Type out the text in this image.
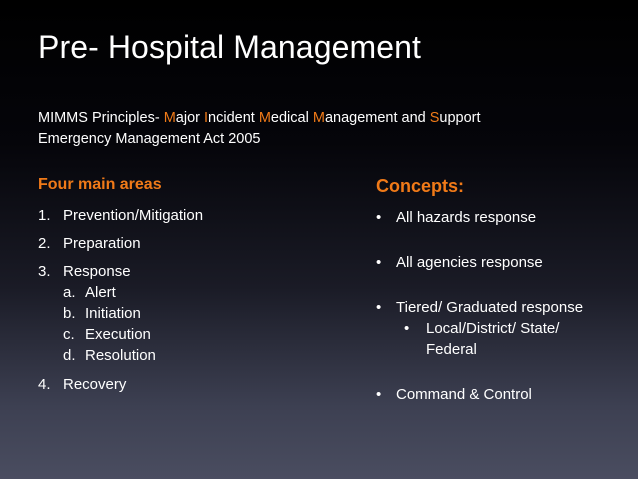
Pre- Hospital Management
MIMMS Principles- Major Incident Medical Management and Support
Emergency Management Act 2005
Four main areas
1. Prevention/Mitigation
2. Preparation
3. Response
a. Alert
b. Initiation
c. Execution
d. Resolution
4. Recovery
Concepts:
• All hazards response
• All agencies response
• Tiered/ Graduated response
•	Local/District/ State/ Federal
• Command & Control
